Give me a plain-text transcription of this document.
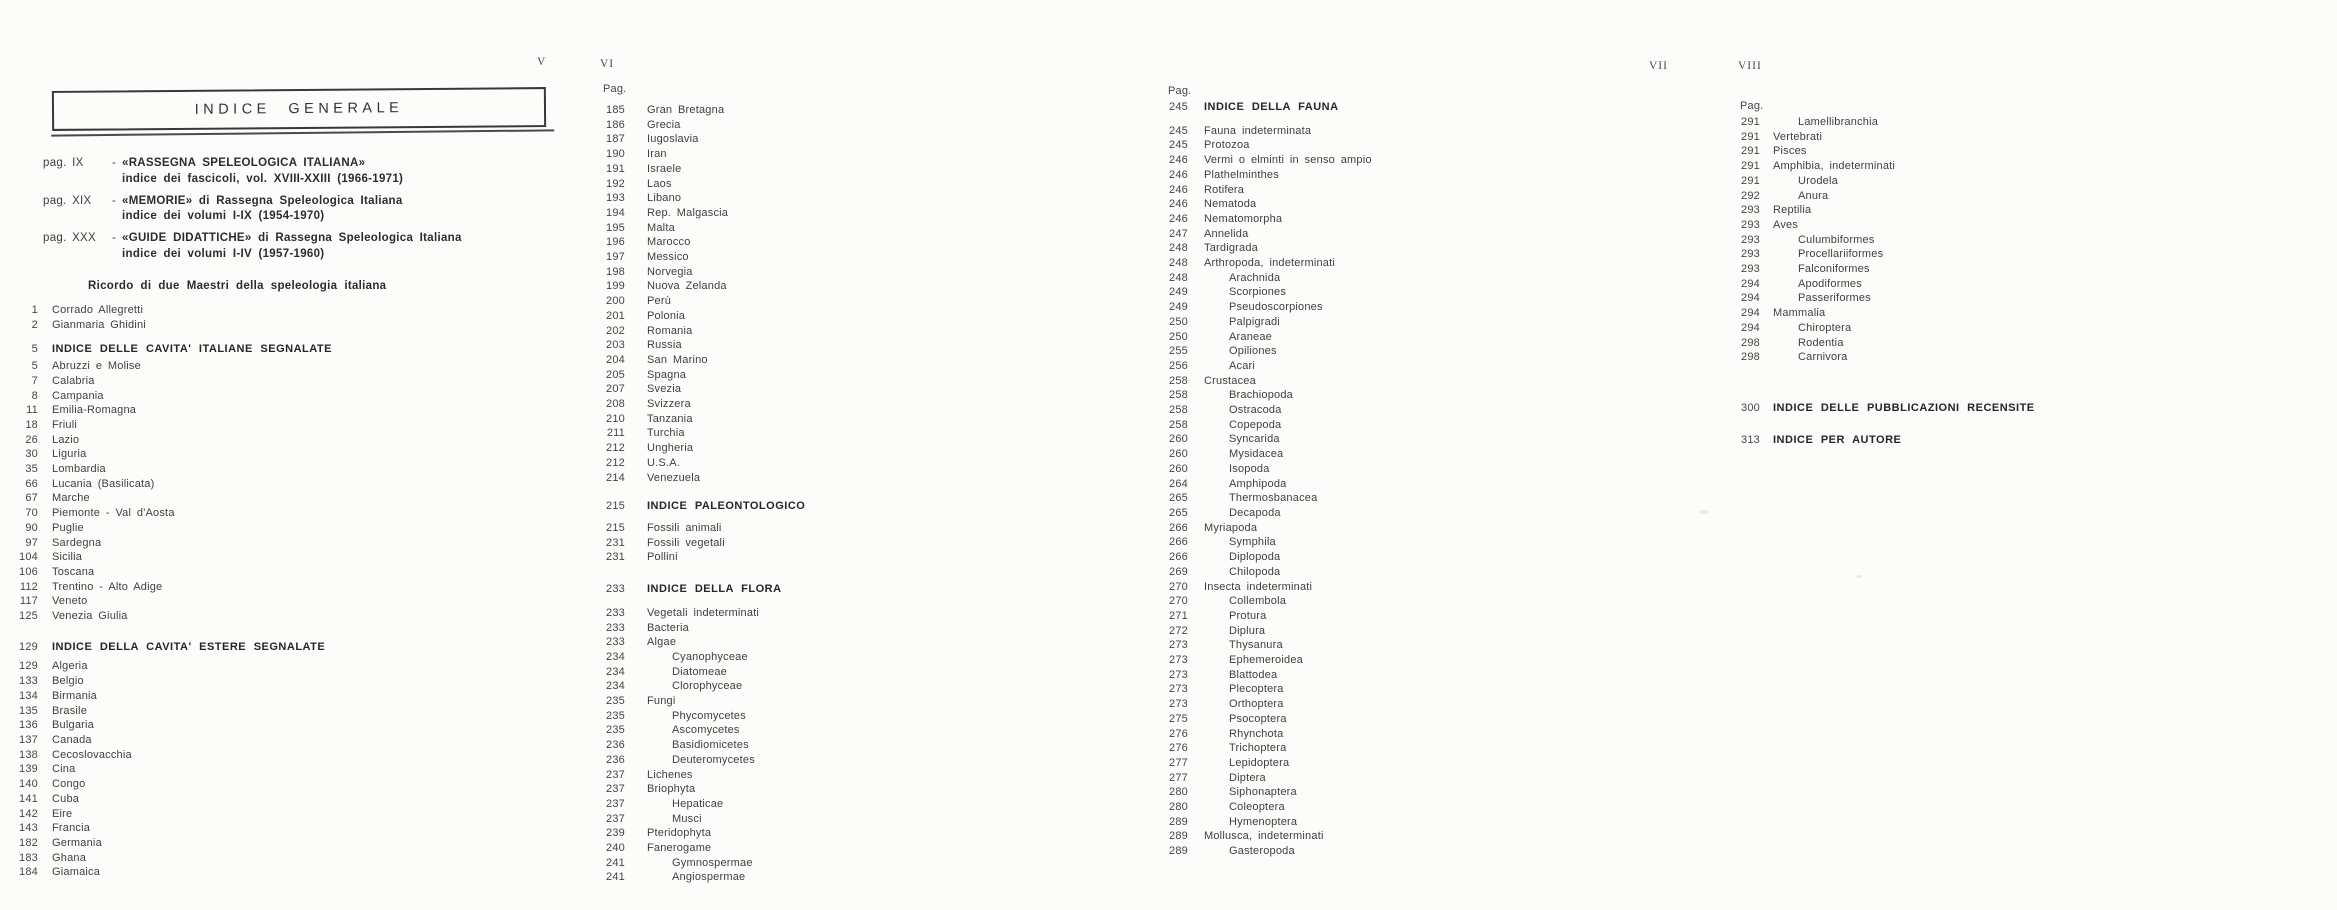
V	VI	VII	VIII
INDICE GENERALE
pag. IX	- «RASSEGNA SPELEOLOGICA ITALIANA»
indice dei fascicoli, vol. XVIII-XXIII (1966-1971)
pag. XIX	- «MEMORIE» di Rassegna Speleologica Italiana
indice dei volumi I-IX (1954-1970)
pag. XXX	- «GUIDE DIDATTICHE» di Rassegna Speleologica Italiana
indice dei volumi I-IV (1957-1960)
Ricordo di due Maestri della speleologia italiana
1 Corrado Allegretti
2 Gianmaria Ghidini
5 INDICE DELLE CAVITA' ITALIANE SEGNALATE
5 Abruzzi e Molise
7 Calabria
8 Campania
11 Emilia-Romagna
18 Friuli
26 Lazio
30 Liguria
35 Lombardia
66 Lucania (Basilicata)
67 Marche
70 Piemonte - Val d'Aosta
90 Puglie
97 Sardegna
104 Sicilia
106 Toscana
112 Trentino - Alto Adige
117 Veneto
125 Venezia Giulia
129 INDICE DELLA CAVITA' ESTERE SEGNALATE
129 Algeria
133 Belgio
134 Birmania
135 Brasile
136 Bulgaria
137 Canada
138 Cecoslovacchia
139 Cina
140 Congo
141 Cuba
142 Eire
143 Francia
182 Germania
183 Ghana
184 Giamaica
Pag.
185 Gran Bretagna
186 Grecia
187 Iugoslavia
190 Iran
191 Israele
192 Laos
193 Libano
194 Rep. Malgascia
195 Malta
196 Marocco
197 Messico
198 Norvegia
199 Nuova Zelanda
200 Perù
201 Polonia
202 Romania
203 Russia
204 San Marino
205 Spagna
207 Svezia
208 Svizzera
210 Tanzania
211 Turchia
212 Ungheria
212 U.S.A.
214 Venezuela
215 INDICE PALEONTOLOGICO
215 Fossili animali
231 Fossili vegetali
231 Pollini
233 INDICE DELLA FLORA
233 Vegetali indeterminati
233 Bacteria
233 Algae
234	Cyanophyceae
234	Diatomeae
234	Clorophyceae
235 Fungi
235	Phycomycetes
235	Ascomycetes
236	Basidiomicetes
236	Deuteromycetes
237 Lichenes
237 Briophyta
237	Hepaticae
237	Musci
239 Pteridophyta
240 Fanerogame
241	Gymnospermae
241	Angiospermae
Pag.
245 INDICE DELLA FAUNA
245 Fauna indeterminata
245 Protozoa
246 Vermi o elminti in senso ampio
246 Plathelminthes
246 Rotifera
246 Nematoda
246 Nematomorpha
247 Annelida
248 Tardigrada
248 Arthropoda, indeterminati
248	Arachnida
249	Scorpiones
249	Pseudoscorpiones
250	Palpigradi
250	Araneae
255	Opiliones
256	Acari
258 Crustacea
258	Brachiopoda
258	Ostracoda
258	Copepoda
260	Syncarida
260	Mysidacea
260	Isopoda
264	Amphipoda
265	Thermosbanacea
265	Decapoda
266 Myriapoda
266	Symphila
266	Diplopoda
269	Chilopoda
270 Insecta indeterminati
270	Collembola
271	Protura
272	Diplura
273	Thysanura
273	Ephemeroidea
273	Blattodea
273	Plecoptera
273	Orthoptera
275	Psocoptera
276	Rhynchota
276	Trichoptera
277	Lepidoptera
277	Diptera
280	Siphonaptera
280	Coleoptera
289	Hymenoptera
289 Mollusca, indeterminati
289	Gasteropoda
Pag.
291	Lamellibranchia
291 Vertebrati
291 Pisces
291 Amphibia, indeterminati
291	Urodela
292	Anura
293 Reptilia
293 Aves
293	Culumbiformes
293	Procellariiformes
293	Falconiformes
294	Apodiformes
294	Passeriformes
294 Mammalia
294	Chiroptera
298	Rodentia
298	Carnivora
300 INDICE DELLE PUBBLICAZIONI RECENSITE
313 INDICE PER AUTORE
